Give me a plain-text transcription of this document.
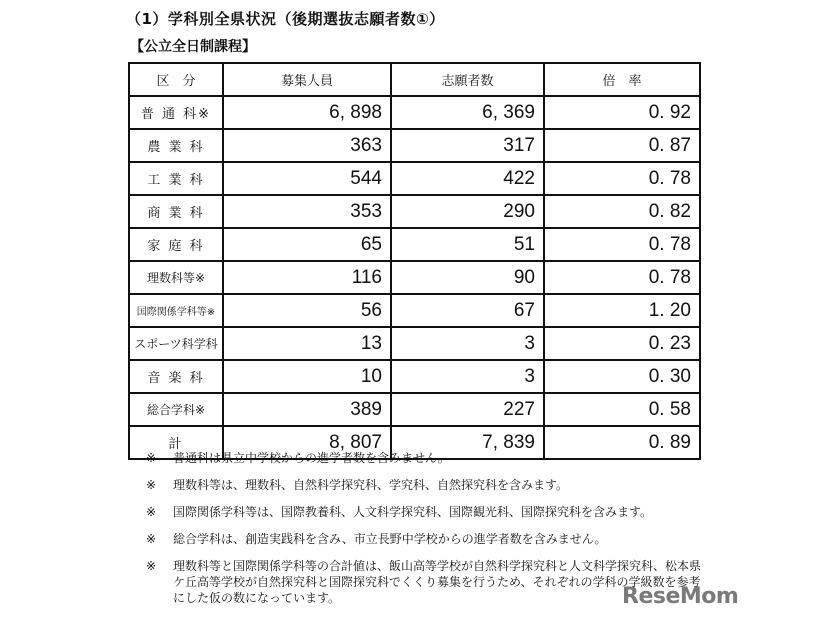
（1）学科別全県状況（後期選抜志願者数①）
【公立全日制課程】
区　分	募集人員	志願者数	倍　率
普 通 科※	6, 898	6, 369	0. 92
農 業 科	363	317	0. 87
工 業 科	544	422	0. 78
商 業 科	353	290	0. 82
家 庭 科	65	51	0. 78
理数科等※	116	90	0. 78
国際関係学科等※	56	67	1. 20
スポーツ科学科	13	3	0. 23
音 楽 科	10	3	0. 30
総合学科※	389	227	0. 58
計	8, 807	7, 839	0. 89
※	普通科は県立中学校からの進学者数を含みません。
※	理数科等は、理数科、自然科学探究科、学究科、自然探究科を含みます。
※	国際関係学科等は、国際教養科、人文科学探究科、国際観光科、国際探究科を含みます。
※	総合学科は、創造実践科を含み、市立長野中学校からの進学者数を含みません。
※	理数科等と国際関係学科等の合計値は、飯山高等学校が自然科学探究科と人文科学探究科、松本県ケ丘高等学校が自然探究科と国際探究科でくくり募集を行うため、それぞれの学科の学級数を参考にした仮の数になっています。	ReseMom
